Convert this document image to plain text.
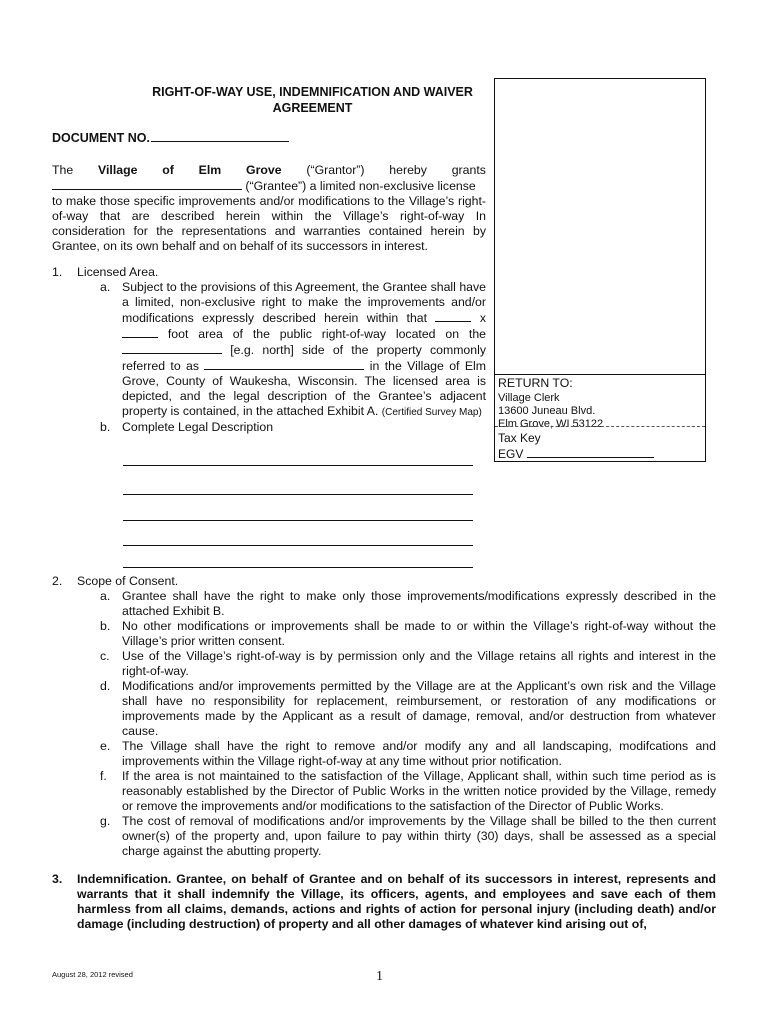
RIGHT-OF-WAY USE, INDEMNIFICATION AND WAIVER
AGREEMENT
DOCUMENT NO.
The Village of Elm Grove (“Grantor”) hereby grants
(“Grantee”) a limited non-exclusive license
to make those specific improvements and/or modifications to the Village’s right-of-way that are described herein within the Village’s right-of-way In consideration for the representations and warranties contained herein by Grantee, on its own behalf and on behalf of its successors in interest.
1. Licensed Area.
a. Subject to the provisions of this Agreement, the Grantee shall have a limited, non-exclusive right to make the improvements and/or modifications expressly described herein within that	x  foot area of the public right-of-way located on the  [e.g. north] side of the property commonly referred to as	in the Village of Elm Grove, County of Waukesha, Wisconsin. The licensed area is depicted, and the legal description of the Grantee’s adjacent property is contained, in the attached Exhibit A. (Certified Survey Map)
b. Complete Legal Description
RETURN TO:
Village Clerk
13600 Juneau Blvd.
Elm Grove, WI 53122
Tax Key
EGV
2. Scope of Consent.
a. Grantee shall have the right to make only those improvements/modifications expressly described in the attached Exhibit B.
b. No other modifications or improvements shall be made to or within the Village’s right-of-way without the Village’s prior written consent.
c. Use of the Village’s right-of-way is by permission only and the Village retains all rights and interest in the right-of-way.
d. Modifications and/or improvements permitted by the Village are at the Applicant’s own risk and the Village shall have no responsibility for replacement, reimbursement, or restoration of any modifications or improvements made by the Applicant as a result of damage, removal, and/or destruction from whatever cause.
e. The Village shall have the right to remove and/or modify any and all landscaping, modifcations and improvements within the Village right-of-way at any time without prior notification.
f. If the area is not maintained to the satisfaction of the Village, Applicant shall, within such time period as is reasonably established by the Director of Public Works in the written notice provided by the Village, remedy or remove the improvements and/or modifications to the satisfaction of the Director of Public Works.
g. The cost of removal of modifications and/or improvements by the Village shall be billed to the then current owner(s) of the property and, upon failure to pay within thirty (30) days, shall be assessed as a special charge against the abutting property.
3.	Indemnification. Grantee, on behalf of Grantee and on behalf of its successors in interest, represents and warrants that it shall indemnify the Village, its officers, agents, and employees and save each of them harmless from all claims, demands, actions and rights of action for personal injury (including death) and/or damage (including destruction) of property and all other damages of whatever kind arising out of,
August 28, 2012 revised	1
